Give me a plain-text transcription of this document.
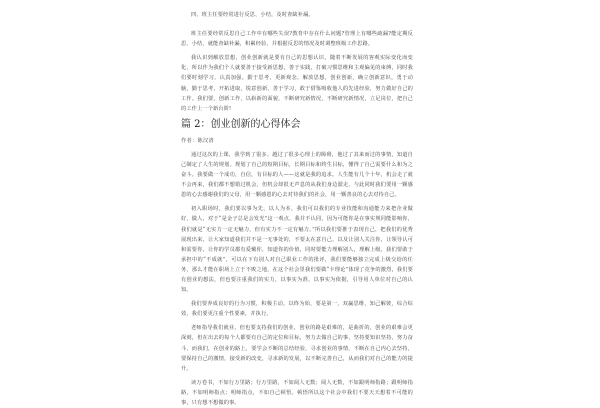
四、班主任要经常进行反思、小结，及时查缺补漏。

班主任要经常反思自己工作中有哪些失误?教育中存在什么问题?管理上有哪些疏漏?能定期反思、小结，就能查缺补漏，积累经验，并根据反思的情况及时调整班级工作思路。

我认识到解放思想，创业创新就是要有自己的思想认识，随着不断发展的客观实际变化而变化，所以作为我们个人就要善于接受新思想，善于实践，打破习惯思维和主观偏见的束缚，同时我们要时刻学习、认真加强。勤于思考，更新观念，解放思想，创业创新，确立创新意识，勇于动脑，勤于思考，开拓进取，锐意创新，善于学习，敢于借鉴吸收他人的先进经验，努力做好自己的工作。我们要，创新工作，以崭新的面貌，不断研究新情况，不断研究新情况，立足岗位，把自己的工作上一个新台阶!

篇 2：创业创新的心得体会

作者：陈汉清

通过这次的上课，我学到了很多。越过了很多心理上的障碍，他过了其来而过的事情，知道自己制定了人生的规划。规划了自己的短期目标，长期目标和终生目标，懂得了自己需要什么和为之奋斗。我要做一个成功，自信，有目标的人——这就是我的追求。人生能有几个十年，机会走了就不会再来，我们都不想错过机会，但机会却很无声息的从我们身边溜走，与此同时我们要用一颗感恩的心去感谢我们的父母，用一颗感恩的心去对待我们的社会，用一颗善良的心去对待自己。

初入职场时，我们要以事为先，以人为本，我们可以我们的专业技能和沟通能力来把企业做好，做人，对于“是金子总是会发光”这一观点，我并不认同，因为可能你是在事实规同能影响你，我们就是“无实力一定无魅力，但有实力不一定有魅力。”所以我们要推于表现自己，把我们的优秀展现出来，让大家知道我们并不是一无事处的，不要太在意自己，以及让别人关注你，让领导认可和需要你，让你的学员都有爱戴你，知道你的价值，同时要能力理解别人，理解上级，我们要敢于承担中的“不成就”，可以在下有别人对自己职业工作的批评，我们要能够独立完成上级交给的任务，那么才能在职场上立于不败之地。在这个社会里我们要做“卡理论”体现了竞争的激烈，我们要有创业的想法，但也要注重我们的实力，以事实为准，以事实为依据，引导用人单位对自己的认知。

我们要养成良好的行为习惯，积极主动，以终为始，要是第一，双赢思维，知己解彼，综合综效，我们要更注重个性要素，并执行。

老师指导我们就业，但也要支持我们的创业，创业的路是艰难的，是曲折的，创业的艰难会更深刻，但在出去的每个人都要有自己的定位和目标，努力去做自己的事，坚持要知识坚持，努力奋斗，而我们，在创业的路上，要学会不断的总结经验，寻求创业的事情，不断在自己内心去坚持，要保持自己的激情，接受新的改变，寻求新的发展，以不断完善自己，从而我们对自己的能力的提升。

读万卷书，不如行万里路；行万里路，不如阅人无数；阅人无数，不如跟明师指路；跟明师指路，不如明师指点；明师指点，不如自己顿悟。顿悟所以这个社会中我们不要天天想着不可能的事，只有想不想做的事。
